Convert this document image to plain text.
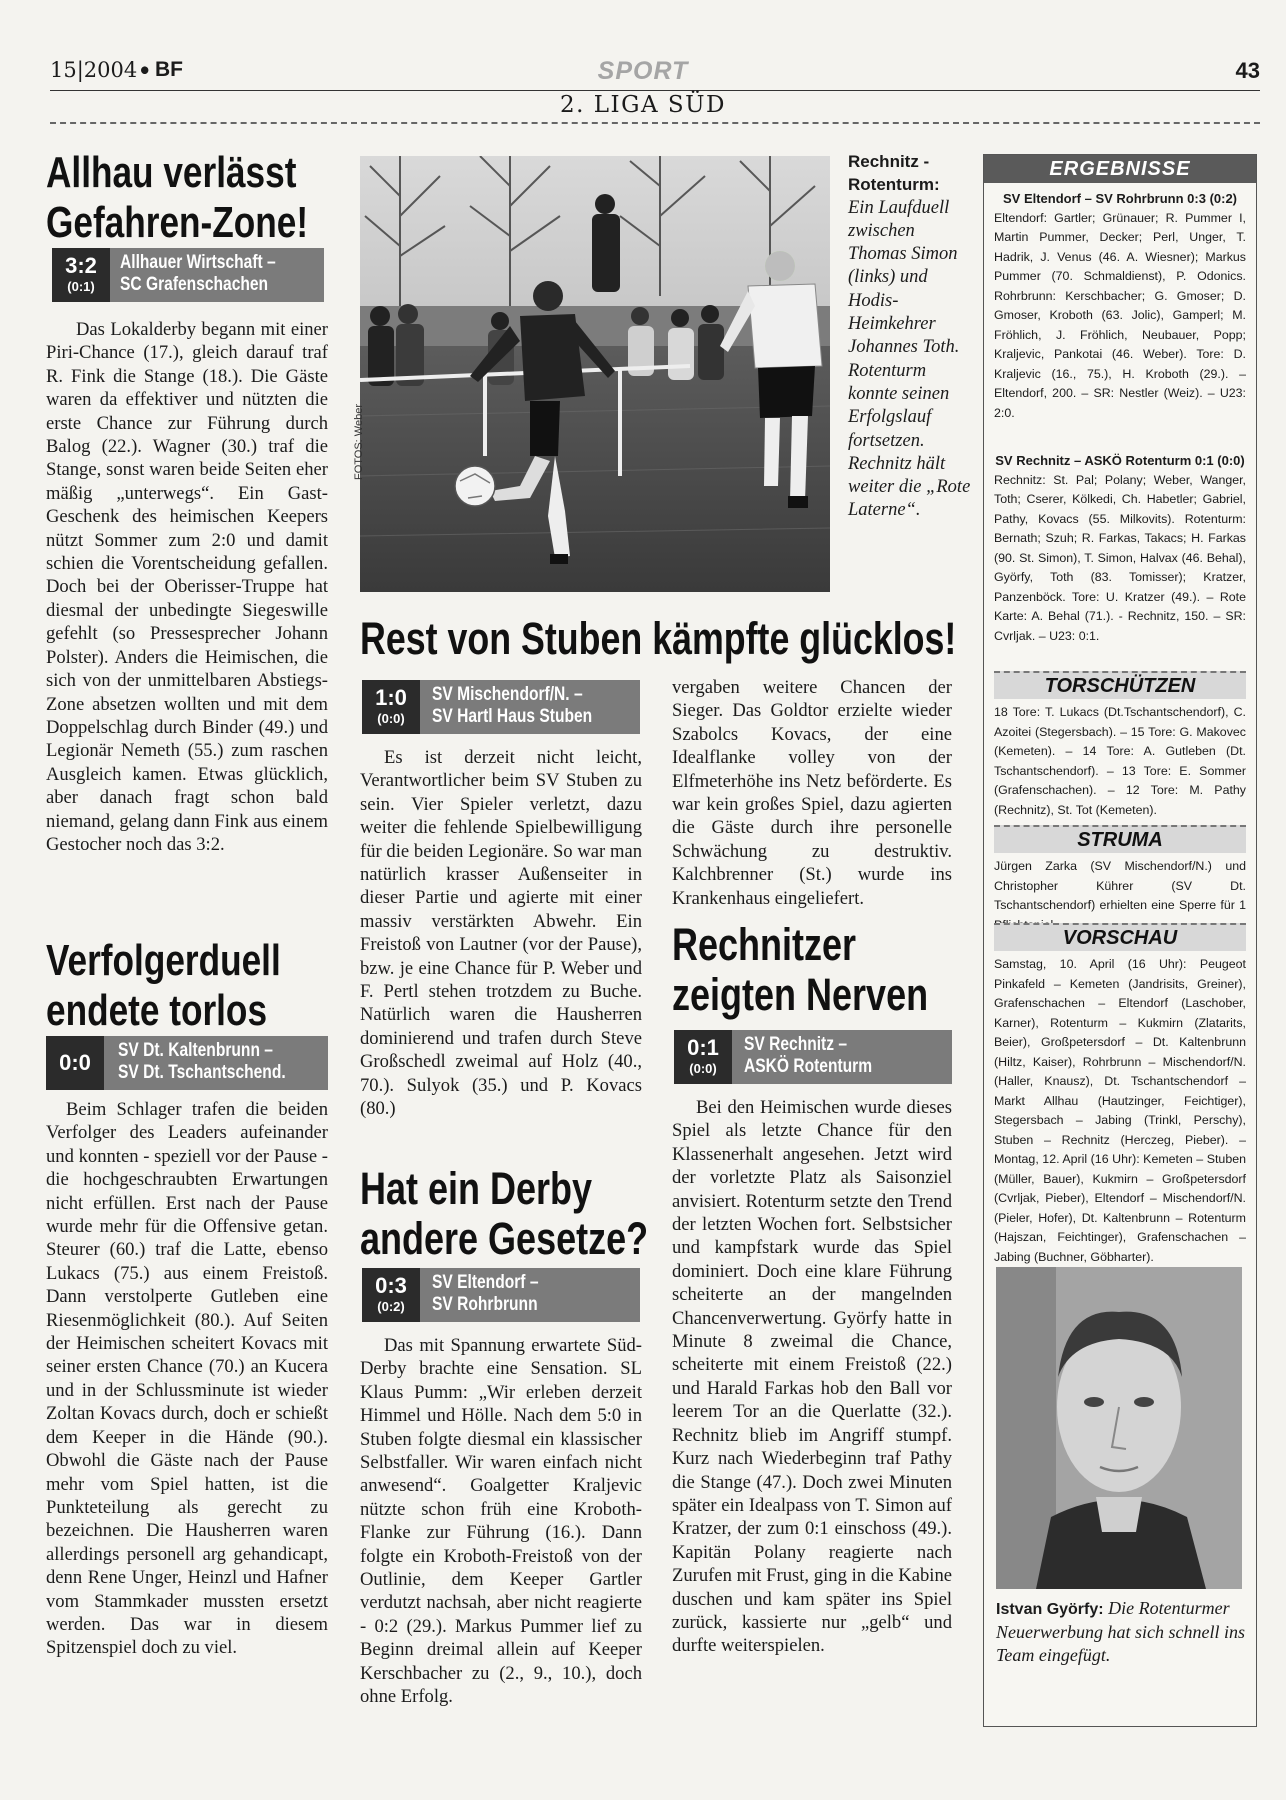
15|2004 • BF	SPORT	43
2. LIGA SÜD
Allhau verlässt
Gefahren-Zone!
3:2
(0:1)
Allhauer Wirtschaft –
SC Grafenschachen
Das Lokalderby begann mit einer Piri-Chance (17.), gleich darauf traf R. Fink die Stange (18.). Die Gäste waren da effektiver und nützten die erste Chance zur Führung durch Balog (22.). Wagner (30.) traf die Stange, sonst waren beide Seiten eher mäßig „unterwegs“. Ein Gast-Geschenk des heimischen Keepers nützt Sommer zum 2:0 und damit schien die Vorentscheidung gefallen. Doch bei der Oberisser-Truppe hat diesmal der unbedingte Siegeswille gefehlt (so Pressesprecher Johann Polster). Anders die Heimischen, die sich von der unmittelbaren Abstiegs-Zone absetzen wollten und mit dem Doppelschlag durch Binder (49.) und Legionär Nemeth (55.) zum raschen Ausgleich kamen. Etwas glücklich, aber danach fragt schon bald niemand, gelang dann Fink aus einem Gestocher noch das 3:2.
Verfolgerduell
endete torlos
0:0	SV Dt. Kaltenbrunn –
SV Dt. Tschantschend.
Beim Schlager trafen die beiden Verfolger des Leaders aufeinander und konnten - speziell vor der Pause - die hochgeschraubten Erwartungen nicht erfüllen. Erst nach der Pause wurde mehr für die Offensive getan. Steurer (60.) traf die Latte, ebenso Lukacs (75.) aus einem Freistoß. Dann verstolperte Gutleben eine Riesenmöglichkeit (80.). Auf Seiten der Heimischen scheitert Kovacs mit seiner ersten Chance (70.) an Kucera und in der Schlussminute ist wieder Zoltan Kovacs durch, doch er schießt dem Keeper in die Hände (90.). Obwohl die Gäste nach der Pause mehr vom Spiel hatten, ist die Punkteteilung als gerecht zu bezeichnen. Die Hausherren waren allerdings personell arg gehandicapt, denn Rene Unger, Heinzl und Hafner vom Stammkader mussten ersetzt werden. Das war in diesem Spitzenspiel doch zu viel.
FOTOS: Weber
Rechnitz - Rotenturm:
Ein Laufduell zwischen Thomas Simon (links) und Hodis-Heimkehrer Johannes Toth. Rotenturm konnte seinen Erfolgslauf fortsetzen. Rechnitz hält weiter die „Rote Laterne“.
Rest von Stuben kämpfte glücklos!
1:0
(0:0)
SV Mischendorf/N. –
SV Hartl Haus Stuben
Es ist derzeit nicht leicht, Verantwortlicher beim SV Stuben zu sein. Vier Spieler verletzt, dazu weiter die fehlende Spielbewilligung für die beiden Legionäre. So war man natürlich krasser Außenseiter in dieser Partie und agierte mit einer massiv verstärkten Abwehr. Ein Freistoß von Lautner (vor der Pause), bzw. je eine Chance für P. Weber und F. Pertl stehen trotzdem zu Buche. Natürlich waren die Hausherren dominierend und trafen durch Steve Großschedl zweimal auf Holz (40., 70.). Sulyok (35.) und P. Kovacs (80.)
vergaben weitere Chancen der Sieger. Das Goldtor erzielte wieder Szabolcs Kovacs, der eine Idealflanke volley von der Elfmeterhöhe ins Netz beförderte. Es war kein großes Spiel, dazu agierten die Gäste durch ihre personelle Schwächung zu destruktiv. Kalchbrenner (St.) wurde ins Krankenhaus eingeliefert.
Hat ein Derby
andere Gesetze?
0:3
(0:2)
SV Eltendorf –
SV Rohrbrunn
Das mit Spannung erwartete Süd-Derby brachte eine Sensation. SL Klaus Pumm: „Wir erleben derzeit Himmel und Hölle. Nach dem 5:0 in Stuben folgte diesmal ein klassischer Selbstfaller. Wir waren einfach nicht anwesend“. Goalgetter Kraljevic nützte schon früh eine Kroboth-Flanke zur Führung (16.). Dann folgte ein Kroboth-Freistoß von der Outlinie, dem Keeper Gartler verdutzt nachsah, aber nicht reagierte - 0:2 (29.). Markus Pummer lief zu Beginn dreimal allein auf Keeper Kerschbacher zu (2., 9., 10.), doch ohne Erfolg.
Rechnitzer
zeigten Nerven
0:1
(0:0)
SV Rechnitz –
ASKÖ Rotenturm
Bei den Heimischen wurde dieses Spiel als letzte Chance für den Klassenerhalt angesehen. Jetzt wird der vorletzte Platz als Saisonziel anvisiert. Rotenturm setzte den Trend der letzten Wochen fort. Selbstsicher und kampfstark wurde das Spiel dominiert. Doch eine klare Führung scheiterte an der mangelnden Chancenverwertung. Györfy hatte in Minute 8 zweimal die Chance, scheiterte mit einem Freistoß (22.) und Harald Farkas hob den Ball vor leerem Tor an die Querlatte (32.). Rechnitz blieb im Angriff stumpf. Kurz nach Wiederbeginn traf Pathy die Stange (47.). Doch zwei Minuten später ein Idealpass von T. Simon auf Kratzer, der zum 0:1 einschoss (49.). Kapitän Polany reagierte nach Zurufen mit Frust, ging in die Kabine duschen und kam später ins Spiel zurück, kassierte nur „gelb“ und durfte weiterspielen.
ERGEBNISSE
SV Eltendorf – SV Rohrbrunn 0:3 (0:2)
Eltendorf: Gartler; Grünauer; R. Pummer I, Martin Pummer, Decker; Perl, Unger, T. Hadrik, J. Venus (46. A. Wiesner); Markus Pummer (70. Schmaldienst), P. Odonics. Rohrbrunn: Kerschbacher; G. Gmoser; D. Gmoser, Kroboth (63. Jolic), Gamperl; M. Fröhlich, J. Fröhlich, Neubauer, Popp; Kraljevic, Pankotai (46. Weber). Tore: D. Kraljevic (16., 75.), H. Kroboth (29.). – Eltendorf, 200. – SR: Nestler (Weiz). – U23: 2:0.
SV Rechnitz – ASKÖ Rotenturm 0:1 (0:0)
Rechnitz: St. Pal; Polany; Weber, Wanger, Toth; Cserer, Kölkedi, Ch. Habetler; Gabriel, Pathy, Kovacs (55. Milkovits). Rotenturm: Bernath; Szuh; R. Farkas, Takacs; H. Farkas (90. St. Simon), T. Simon, Halvax (46. Behal), Györfy, Toth (83. Tomisser); Kratzer, Panzenböck. Tore: U. Kratzer (49.). – Rote Karte: A. Behal (71.). - Rechnitz, 150. – SR: Cvrljak. – U23: 0:1.
TORSCHÜTZEN
18 Tore: T. Lukacs (Dt.Tschantschendorf), C. Azoitei (Stegersbach). – 15 Tore: G. Makovec (Kemeten). – 14 Tore: A. Gutleben (Dt. Tschantschendorf). – 13 Tore: E. Sommer (Grafenschachen). – 12 Tore: M. Pathy (Rechnitz), St. Tot (Kemeten).
STRUMA
Jürgen Zarka (SV Mischendorf/N.) und Christopher Kührer (SV Dt. Tschantschendorf) erhielten eine Sperre für 1
VORSCHAU
Samstag, 10. April (16 Uhr): Peugeot Pinkafeld – Kemeten (Jandrisits, Greiner), Grafenschachen – Eltendorf (Laschober, Karner), Rotenturm – Kukmirn (Zlatarits, Beier), Großpetersdorf – Dt. Kaltenbrunn (Hiltz, Kaiser), Rohrbrunn – Mischendorf/N. (Haller, Knausz), Dt. Tschantschendorf – Markt Allhau (Hautzinger, Feichtiger), Stegersbach – Jabing (Trinkl, Perschy), Stuben – Rechnitz (Herczeg, Pieber). – Montag, 12. April (16 Uhr): Kemeten – Stuben (Müller, Bauer), Kukmirn – Großpetersdorf (Cvrljak, Pieber), Eltendorf – Mischendorf/N. (Pieler, Hofer), Dt. Kaltenbrunn – Rotenturm (Hajszan, Feichtinger), Grafenschachen – Jabing (Buchner, Göbharter).
Istvan Györfy: Die Rotenturmer Neuerwerbung hat sich schnell ins Team eingefügt.
